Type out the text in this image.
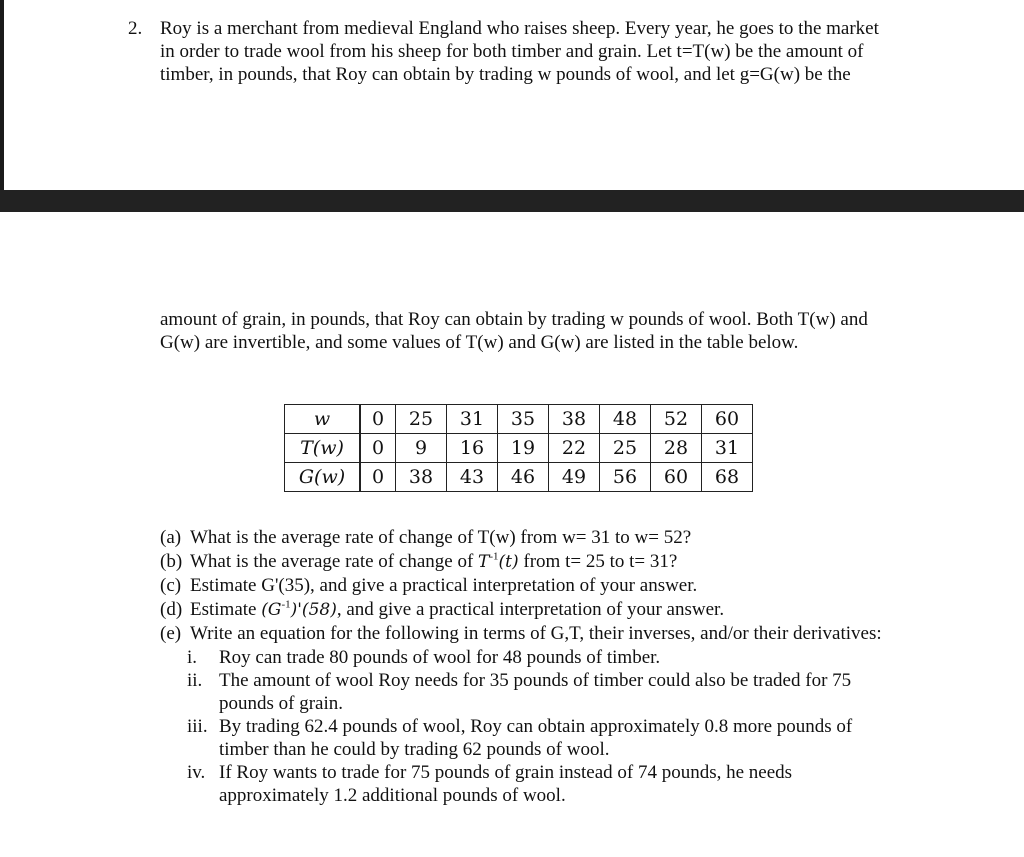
2. Roy is a merchant from medieval England who raises sheep. Every year, he goes to the market
in order to trade wool from his sheep for both timber and grain. Let t=T(w) be the amount of
timber, in pounds, that Roy can obtain by trading w pounds of wool, and let g=G(w) be the
amount of grain, in pounds, that Roy can obtain by trading w pounds of wool. Both T(w) and
G(w) are invertible, and some values of T(w) and G(w) are listed in the table below.
w	0	25	31	35	38	48	52	60
T(w)	0	9	16	19	22	25	28	31
G(w)	0	38	43	46	49	56	60	68
(a) What is the average rate of change of T(w) from w= 31 to w= 52?
(b) What is the average rate of change of $T^{-1}(t)$ from t= 25 to t= 31?
(c) Estimate G'(35), and give a practical interpretation of your answer.
(d) Estimate $(G^{-1})'(58)$, and give a practical interpretation of your answer.
(e) Write an equation for the following in terms of G,T, their inverses, and/or their derivatives:
i. Roy can trade 80 pounds of wool for 48 pounds of timber.
ii. The amount of wool Roy needs for 35 pounds of timber could also be traded for 75
pounds of grain.
iii. By trading 62.4 pounds of wool, Roy can obtain approximately 0.8 more pounds of
timber than he could by trading 62 pounds of wool.
iv. If Roy wants to trade for 75 pounds of grain instead of 74 pounds, he needs
approximately 1.2 additional pounds of wool.
